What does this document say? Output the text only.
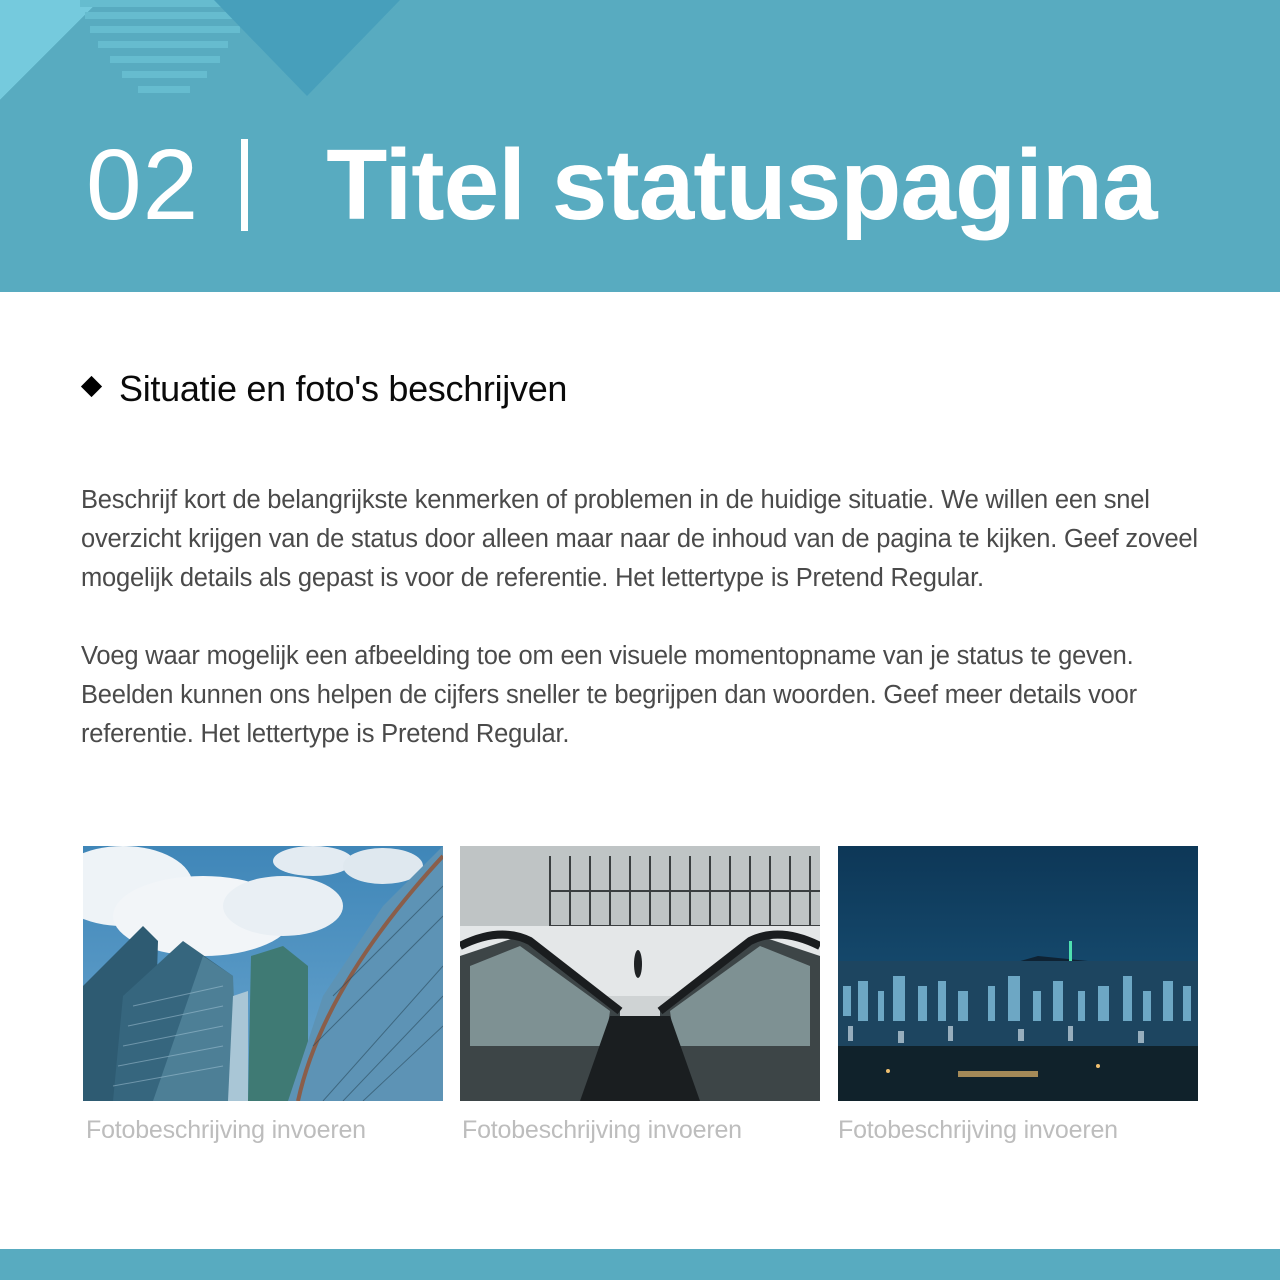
02 Titel statuspagina
Situatie en foto's beschrijven

Beschrijf kort de belangrijkste kenmerken of problemen in de huidige situatie. We willen een snel overzicht krijgen van de status door alleen maar naar de inhoud van de pagina te kijken. Geef zoveel mogelijk details als gepast is voor de referentie. Het lettertype is Pretend Regular.

Voeg waar mogelijk een afbeelding toe om een visuele momentopname van je status te geven. Beelden kunnen ons helpen de cijfers sneller te begrijpen dan woorden. Geef meer details voor referentie. Het lettertype is Pretend Regular.

Fotobeschrijving invoeren	Fotobeschrijving invoeren	Fotobeschrijving invoeren
